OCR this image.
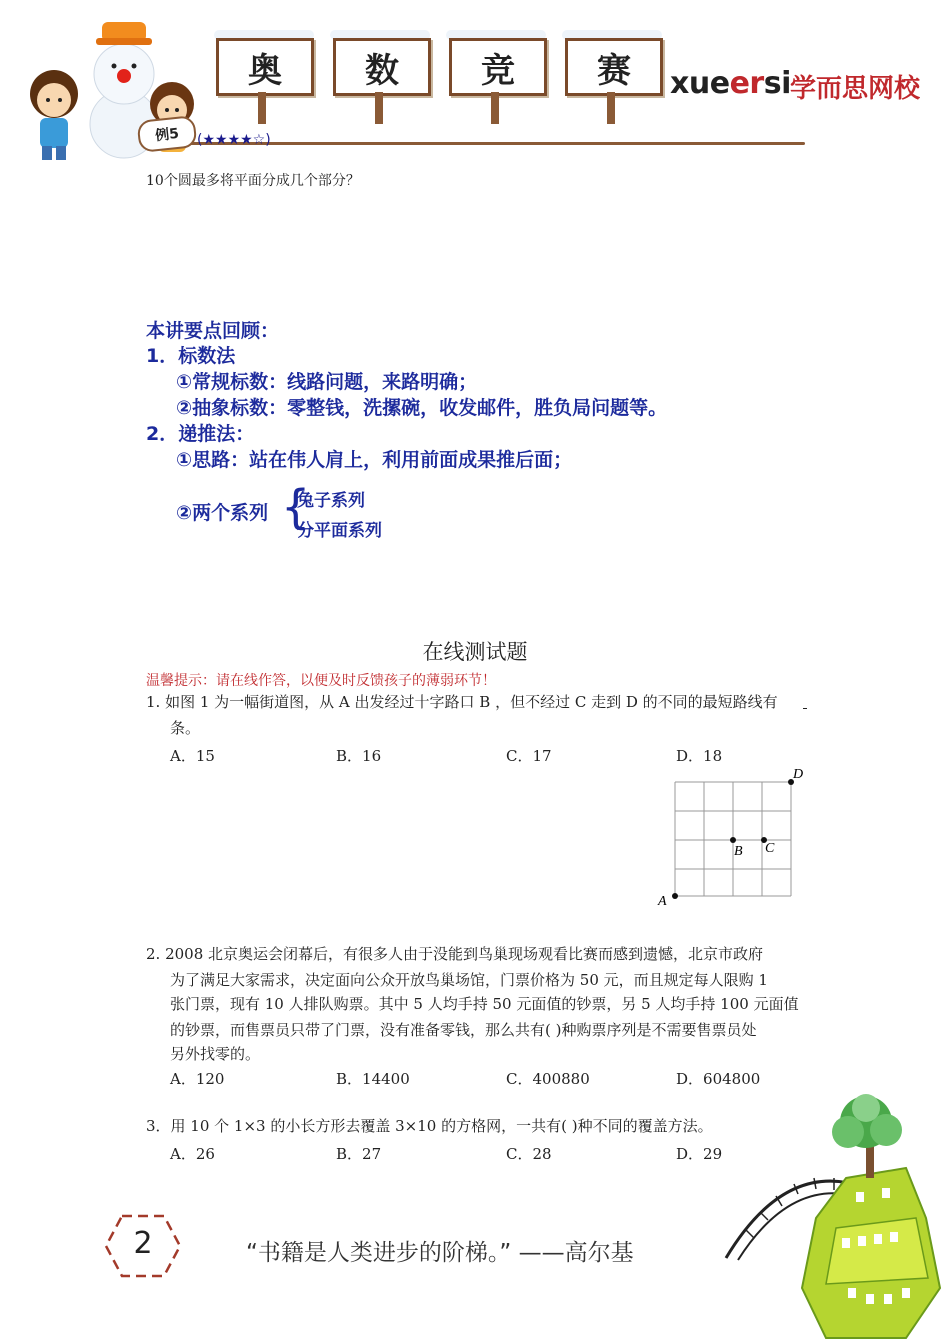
奥	数	竞	赛	xueersi 学而思网校
例5 (★★★★☆)
10个圆最多将平面分成几个部分？
本讲要点回顾：
1．标数法
①常规标数：线路问题，来路明确；
②抽象标数：零整钱，洗摞碗，收发邮件，胜负局问题等。
2．递推法：
①思路：站在伟人肩上，利用前面成果推后面；
②两个系列 {
兔子系列
分平面系列
在线测试题
温馨提示：请在线作答，以便及时反馈孩子的薄弱环节！
1. 如图 1 为一幅街道图，从 A 出发经过十字路口 B ，但不经过 C 走到 D 的不同的最短路线有
条。
A．15	B．16	C．17	D．18
A
B C
D
2. 2008 北京奥运会闭幕后，有很多人由于没能到鸟巢现场观看比赛而感到遗憾，北京市政府
为了满足大家需求，决定面向公众开放鸟巢场馆，门票价格为 50 元，而且规定每人限购 1
张门票，现有 10 人排队购票。其中 5 人均手持 50 元面值的钞票，另 5 人均手持 100 元面值
的钞票，而售票员只带了门票，没有准备零钱，那么共有( )种购票序列是不需要售票员处
另外找零的。
A．120	B．14400	C．400880	D．604800
3．用 10 个 1×3 的小长方形去覆盖 3×10 的方格网，一共有( )种不同的覆盖方法。
A．26	B．27	C．28	D．29
2	“书籍是人类进步的阶梯。” ——高尔基
